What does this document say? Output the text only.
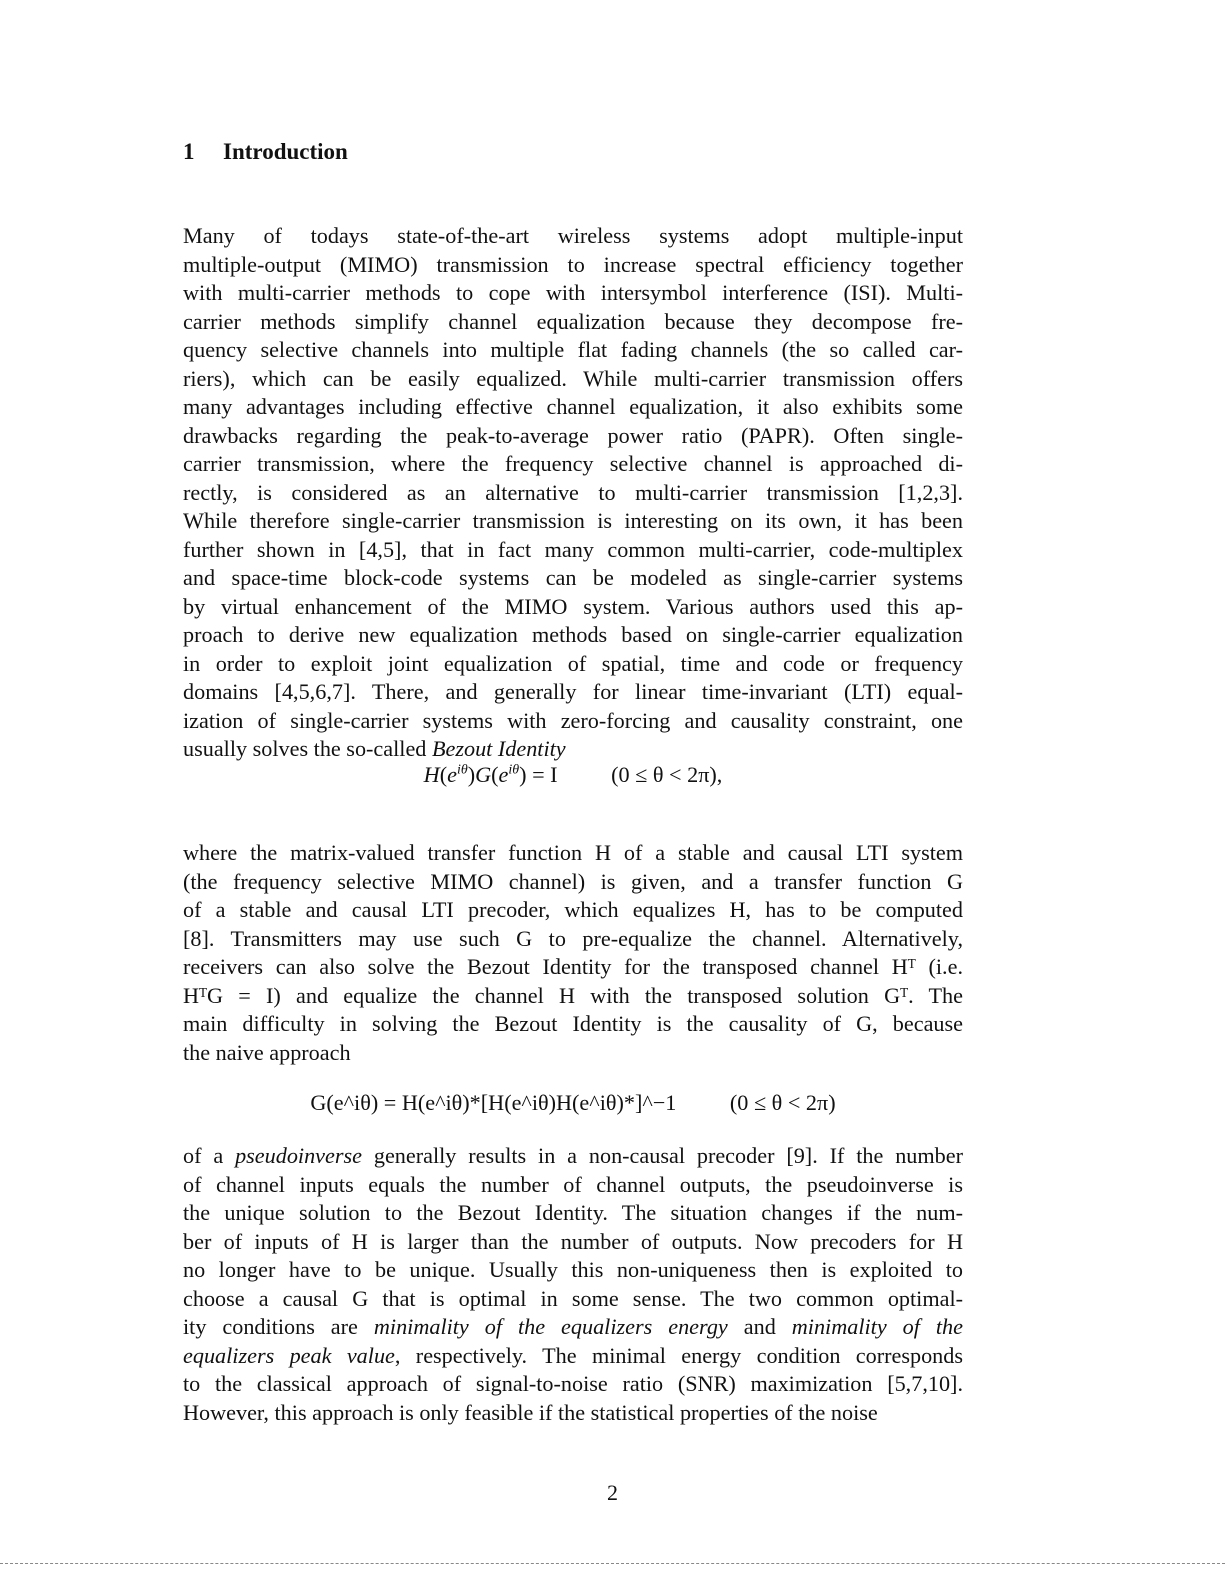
1 Introduction
Many of todays state-of-the-art wireless systems adopt multiple-input
multiple-output (MIMO) transmission to increase spectral efficiency together
with multi-carrier methods to cope with intersymbol interference (ISI). Multi-
carrier methods simplify channel equalization because they decompose fre-
quency selective channels into multiple flat fading channels (the so called car-
riers), which can be easily equalized. While multi-carrier transmission offers
many advantages including effective channel equalization, it also exhibits some
drawbacks regarding the peak-to-average power ratio (PAPR). Often single-
carrier transmission, where the frequency selective channel is approached di-
rectly, is considered as an alternative to multi-carrier transmission [1,2,3].
While therefore single-carrier transmission is interesting on its own, it has been
further shown in [4,5], that in fact many common multi-carrier, code-multiplex
and space-time block-code systems can be modeled as single-carrier systems
by virtual enhancement of the MIMO system. Various authors used this ap-
proach to derive new equalization methods based on single-carrier equalization
in order to exploit joint equalization of spatial, time and code or frequency
domains [4,5,6,7]. There, and generally for linear time-invariant (LTI) equal-
ization of single-carrier systems with zero-forcing and causality constraint, one
usually solves the so-called Bezout Identity
$H(e^{i\theta})G(e^{i\theta}) = I$ (0 ≤ θ < 2π),
where the matrix-valued transfer function H of a stable and causal LTI system
(the frequency selective MIMO channel) is given, and a transfer function G
of a stable and causal LTI precoder, which equalizes H, has to be computed
[8]. Transmitters may use such G to pre-equalize the channel. Alternatively,
receivers can also solve the Bezout Identity for the transposed channel Hᵀ (i.e.
HᵀG = I) and equalize the channel H with the transposed solution Gᵀ. The
main difficulty in solving the Bezout Identity is the causality of G, because
the naive approach
G(e^iθ) = H(e^iθ)*[H(e^iθ)H(e^iθ)*]^−1 (0 ≤ θ < 2π)
of a pseudoinverse generally results in a non-causal precoder [9]. If the number
of channel inputs equals the number of channel outputs, the pseudoinverse is
the unique solution to the Bezout Identity. The situation changes if the num-
ber of inputs of H is larger than the number of outputs. Now precoders for H
no longer have to be unique. Usually this non-uniqueness then is exploited to
choose a causal G that is optimal in some sense. The two common optimal-
ity conditions are minimality of the equalizers energy and minimality of the
equalizers peak value, respectively. The minimal energy condition corresponds
to the classical approach of signal-to-noise ratio (SNR) maximization [5,7,10].
However, this approach is only feasible if the statistical properties of the noise
2
